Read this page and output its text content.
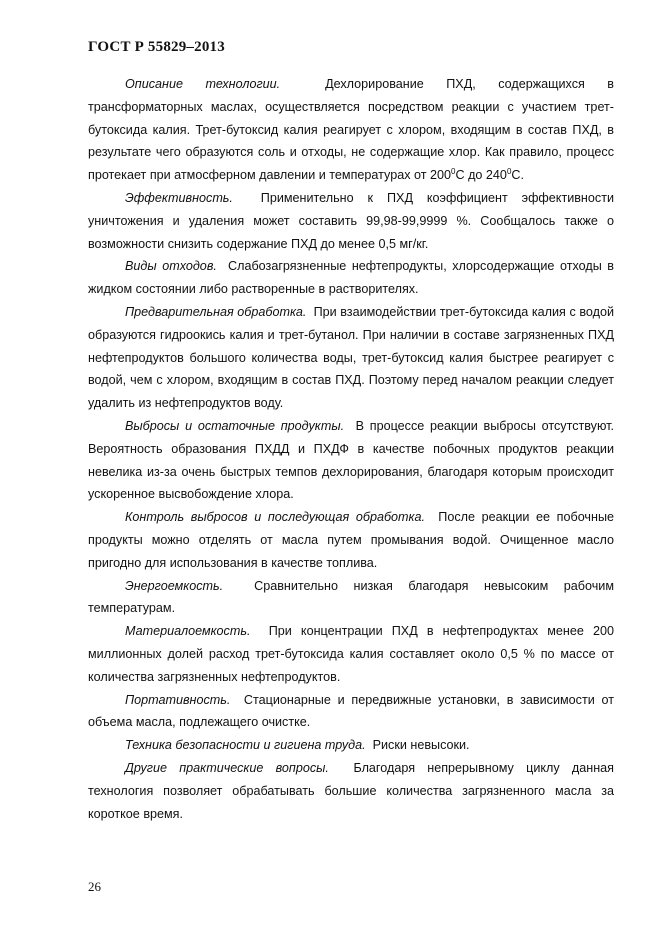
ГОСТ Р 55829–2013

Описание технологии.	Дехлорирование ПХД, содержащихся в трансформаторных маслах, осуществляется посредством реакции с участием трет-бутоксида калия. Трет-бутоксид калия реагирует с хлором, входящим в состав ПХД, в результате чего образуются соль и отходы, не содержащие хлор. Как правило, процесс протекает при атмосферном давлении и температурах от $200^0С$ до $240^0С$.

Эффективность. Применительно к ПХД коэффициент эффективности уничтожения и удаления может составить 99,98-99,9999 %. Сообщалось также о возможности снизить содержание ПХД до менее 0,5 мг/кг.

Виды отходов. Слабозагрязненные нефтепродукты, хлорсодержащие отходы в жидком состоянии либо растворенные в растворителях.

Предварительная обработка. При взаимодействии трет-бутоксида калия с водой образуются гидроокись калия и трет-бутанол. При наличии в составе загрязненных ПХД нефтепродуктов большого количества воды, трет-бутоксид калия быстрее реагирует с водой, чем с хлором, входящим в состав ПХД. Поэтому перед началом реакции следует удалить из нефтепродуктов воду.

Выбросы и остаточные продукты. В процессе реакции выбросы отсутствуют. Вероятность образования ПХДД и ПХДФ в качестве побочных продуктов реакции невелика из-за очень быстрых темпов дехлорирования, благодаря которым происходит ускоренное высвобождение хлора.

Контроль выбросов и последующая обработка. После реакции ее побочные продукты можно отделять от масла путем промывания водой. Очищенное масло пригодно для использования в качестве топлива.

Энергоемкость. Сравнительно низкая благодаря невысоким рабочим температурам.

Материалоемкость. При концентрации ПХД в нефтепродуктах менее 200 миллионных долей расход трет-бутоксида калия составляет около 0,5 % по массе от количества загрязненных нефтепродуктов.

Портативность. Стационарные и передвижные установки, в зависимости от объема масла, подлежащего очистке.

Техника безопасности и гигиена труда. Риски невысоки.

Другие практические вопросы. Благодаря непрерывному циклу данная технология позволяет обрабатывать большие количества загрязненного масла за короткое время.

26
